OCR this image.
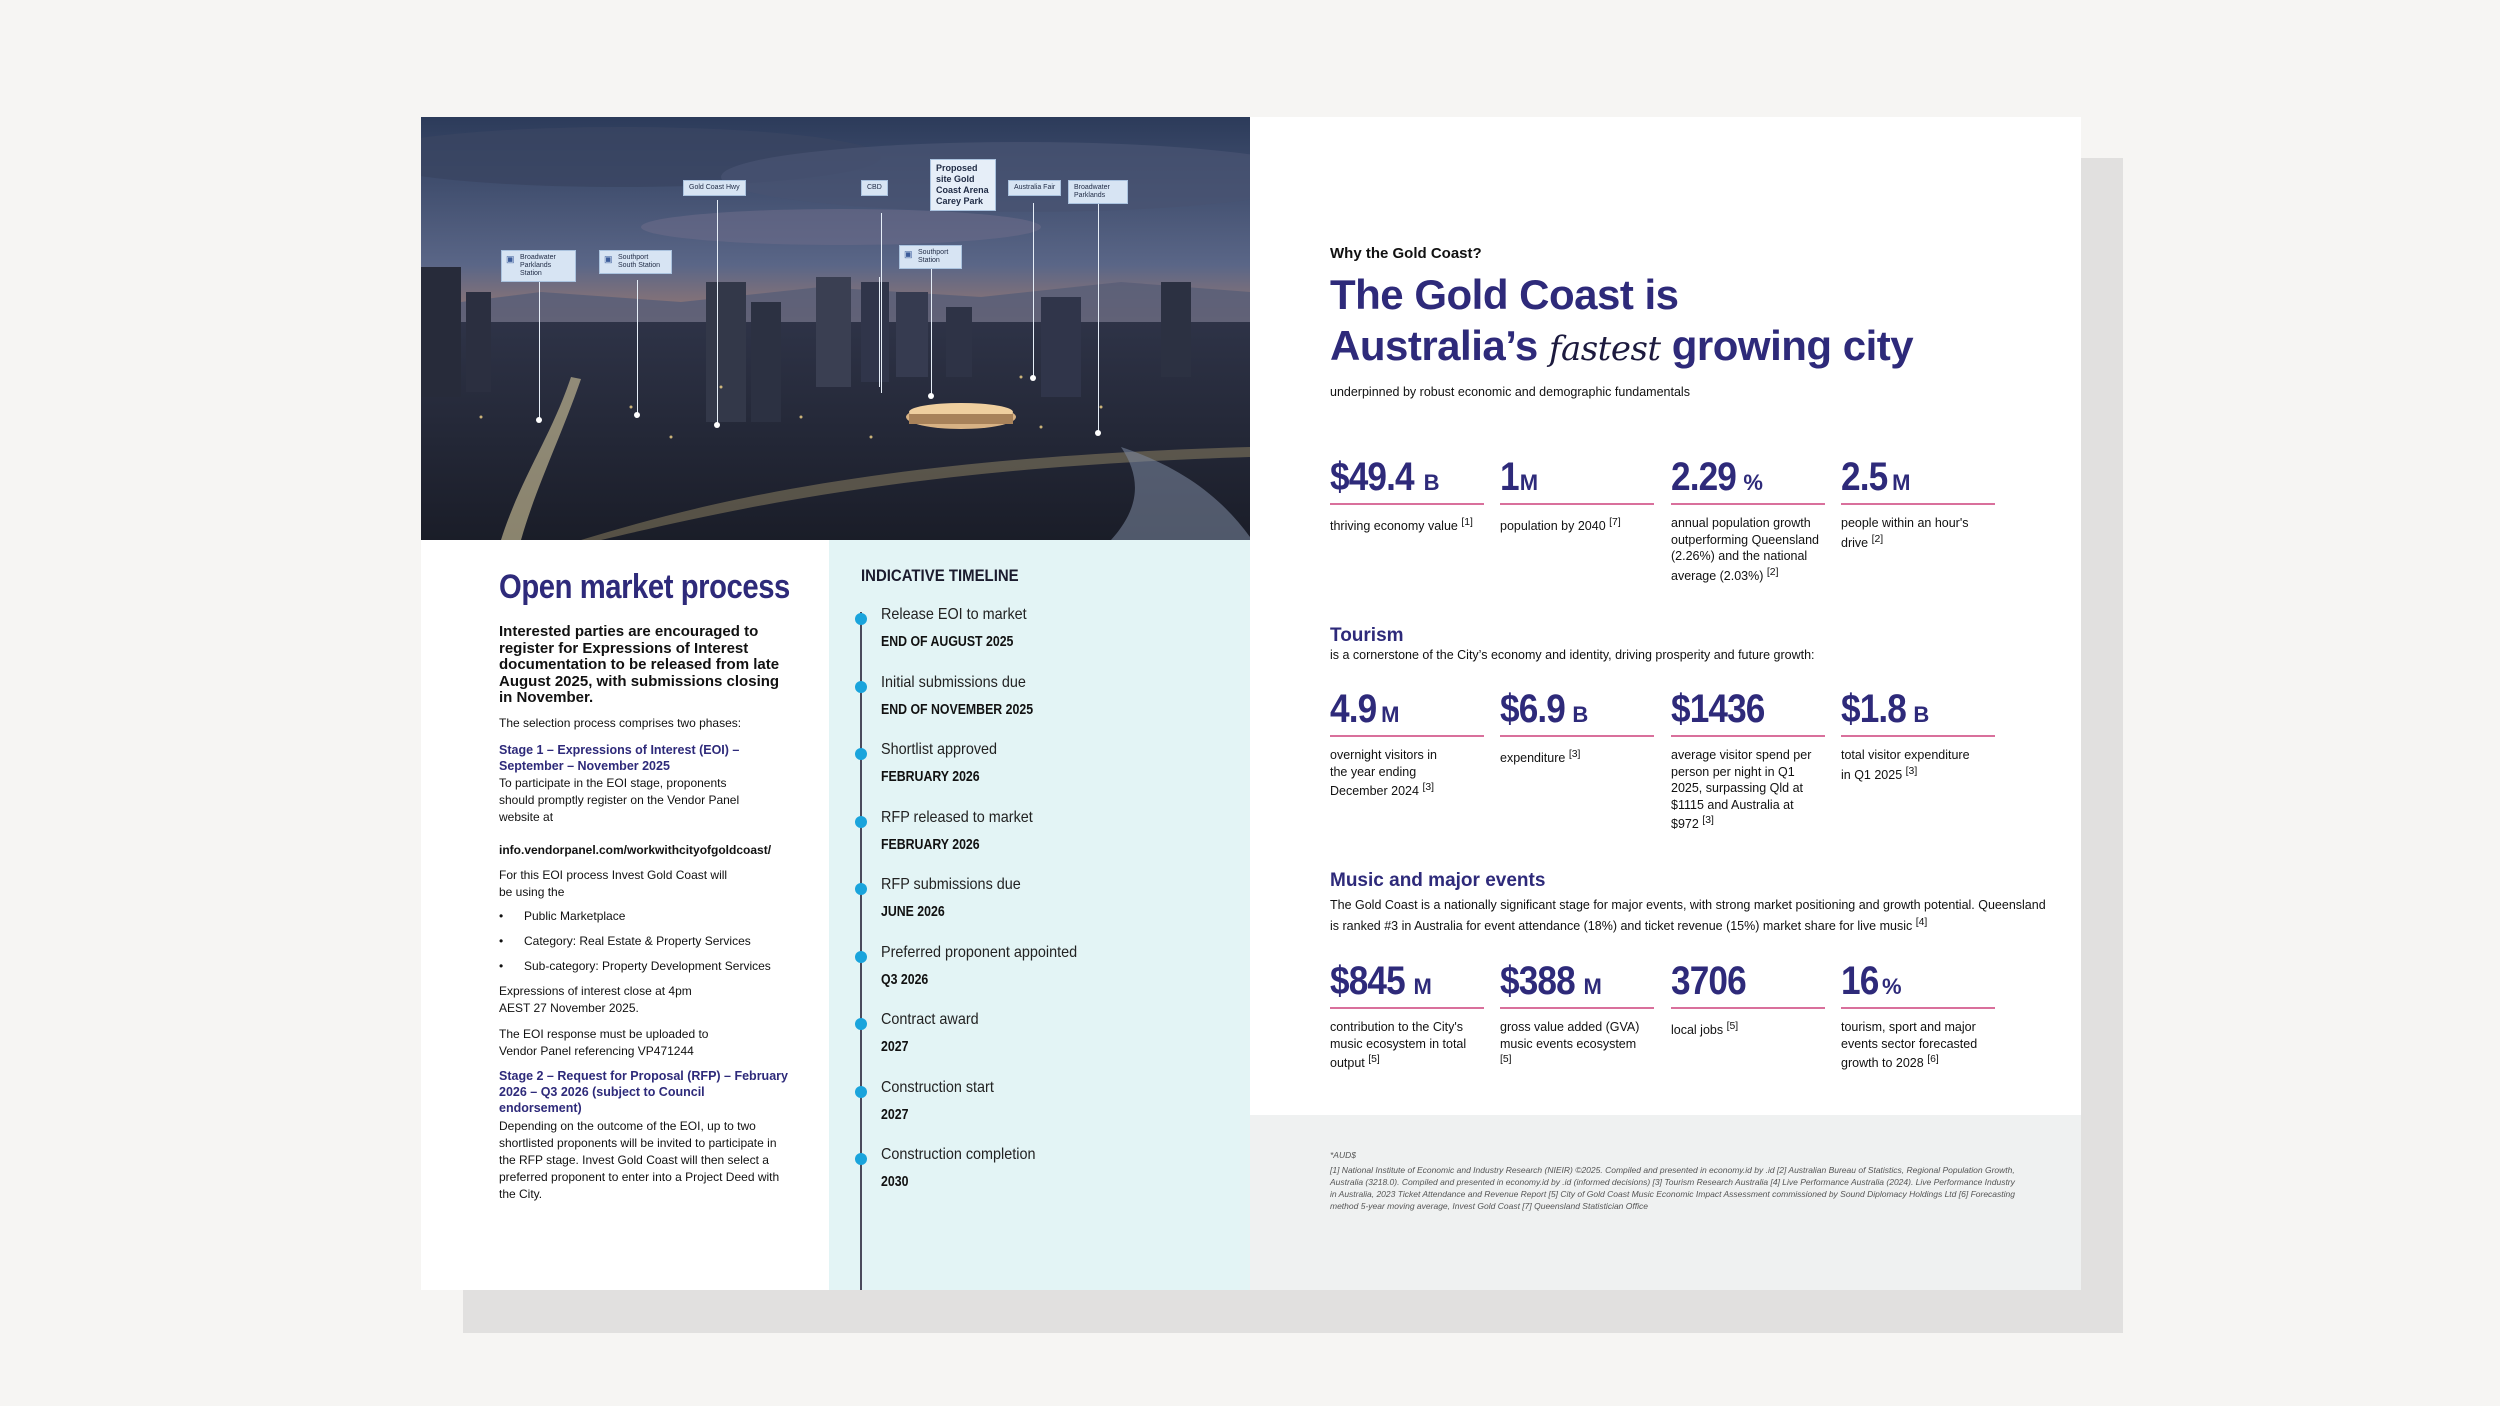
▣ Broadwater Parklands Station
▣ Southport South Station
Gold Coast Hwy	CBD
Proposed site Gold Coast Arena Carey Park
Australia Fair	Broadwater Parklands
▣ Southport Station
Open market process

Interested parties are encouraged to register for Expressions of Interest documentation to be released from late August 2025, with submissions closing in November.

The selection process comprises two phases:

Stage 1 – Expressions of Interest (EOI) – September – November 2025

To participate in the EOI stage, proponents should promptly register on the Vendor Panel website at

info.vendorpanel.com/workwithcityofgoldcoast/

For this EOI process Invest Gold Coast will be using the

• Public Marketplace
• Category: Real Estate & Property Services
• Sub-category: Property Development Services

Expressions of interest close at 4pm AEST 27 November 2025.

The EOI response must be uploaded to Vendor Panel referencing VP471244

Stage 2 – Request for Proposal (RFP) – February 2026 – Q3 2026 (subject to Council endorsement)

Depending on the outcome of the EOI, up to two shortlisted proponents will be invited to participate in the RFP stage. Invest Gold Coast will then select a preferred proponent to enter into a Project Deed with the City.

INDICATIVE TIMELINE
Release EOI to market
END OF AUGUST 2025
Initial submissions due
END OF NOVEMBER 2025
Shortlist approved
FEBRUARY 2026
RFP released to market
FEBRUARY 2026
RFP submissions due
JUNE 2026
Preferred proponent appointed
Q3 2026
Contract award
2027
Construction start
2027
Construction completion
2030
Why the Gold Coast?
The Gold Coast is
Australia’s fastest growing city
underpinned by robust economic and demographic fundamentals
$49.4 B
thriving economy value [1]
1 M
population by 2040 [7]
2.29 %
annual population growth outperforming Queensland (2.26%) and the national average (2.03%) [2]
2.5 M
people within an hour's drive [2]
Tourism
is a cornerstone of the City’s economy and identity, driving prosperity and future growth:
4.9 M
overnight visitors in the year ending December 2024 [3]
$6.9 B
expenditure [3]
$1436
average visitor spend per person per night in Q1 2025, surpassing Qld at $1115 and Australia at $972 [3]
$1.8 B
total visitor expenditure in Q1 2025 [3]
Music and major events
The Gold Coast is a nationally significant stage for major events, with strong market positioning and growth potential. Queensland is ranked #3 in Australia for event attendance (18%) and ticket revenue (15%) market share for live music [4]
$845 M
contribution to the City's music ecosystem in total output [5]
$388 M
gross value added (GVA) music events ecosystem [5]
3706
local jobs [5]
16 %
tourism, sport and major events sector forecasted growth to 2028 [6]
*AUD$

[1] National Institute of Economic and Industry Research (NIEIR) ©2025. Compiled and presented in economy.id by .id [2] Australian Bureau of Statistics, Regional Population Growth, Australia (3218.0). Compiled and presented in economy.id by .id (informed decisions) [3] Tourism Research Australia [4] Live Performance Australia (2024). Live Performance Industry in Australia, 2023 Ticket Attendance and Revenue Report [5] City of Gold Coast Music Economic Impact Assessment commissioned by Sound Diplomacy Holdings Ltd [6] Forecasting method 5-year moving average, Invest Gold Coast [7] Queensland Statistician Office
